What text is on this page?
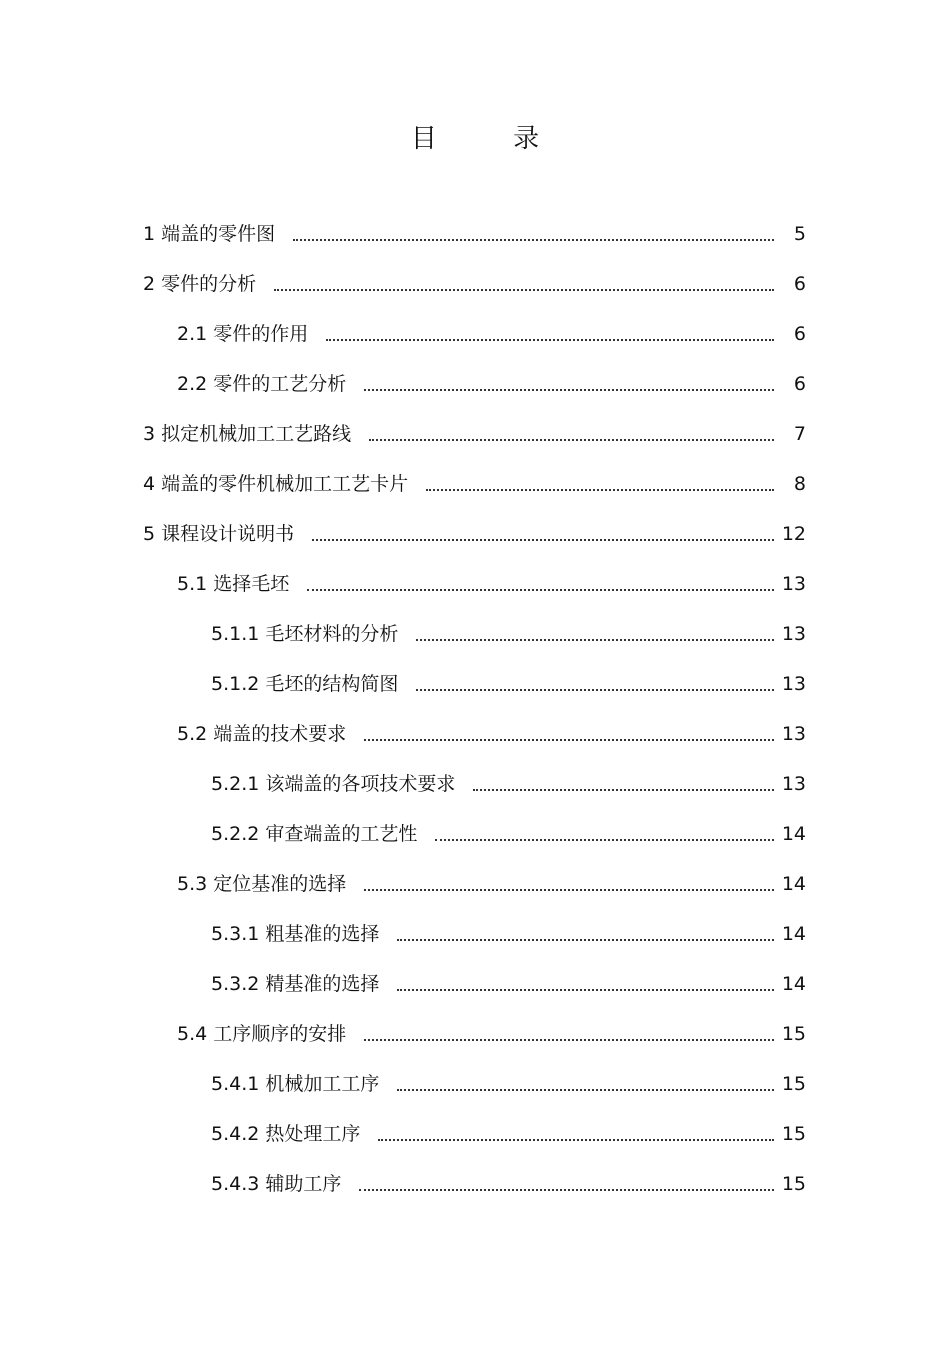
目 录
1 端盖的零件图	5
2 零件的分析	6
2.1 零件的作用	6
2.2 零件的工艺分析	6
3 拟定机械加工工艺路线	7
4 端盖的零件机械加工工艺卡片	8
5 课程设计说明书	12
5.1 选择毛坯	13
5.1.1 毛坯材料的分析	13
5.1.2 毛坯的结构简图	13
5.2 端盖的技术要求	13
5.2.1 该端盖的各项技术要求	13
5.2.2 审查端盖的工艺性	14
5.3 定位基准的选择	14
5.3.1 粗基准的选择	14
5.3.2 精基准的选择	14
5.4 工序顺序的安排	15
5.4.1 机械加工工序	15
5.4.2 热处理工序	15
5.4.3 辅助工序	15
